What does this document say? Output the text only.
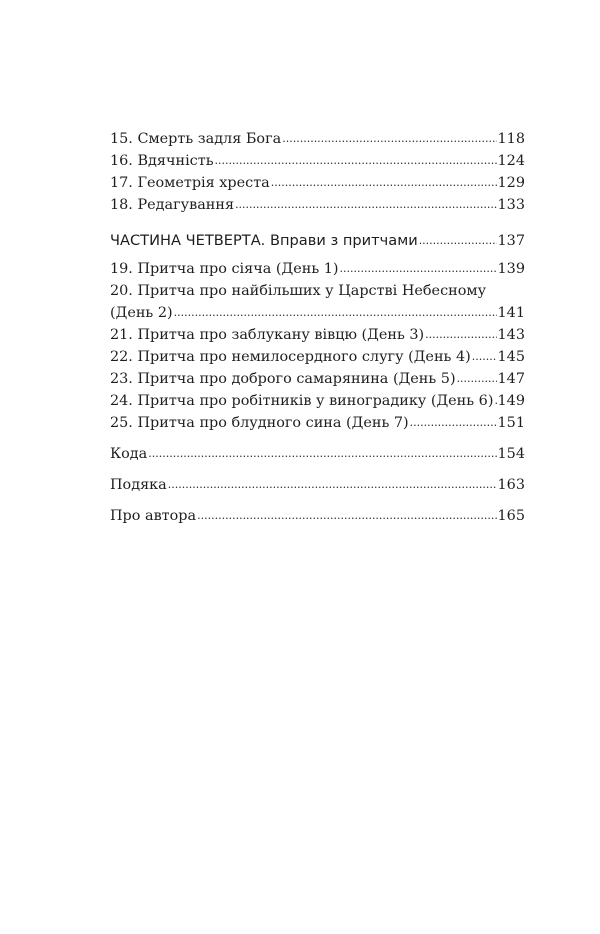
15. Смерть задля Бога .....	118
16. Вдячність .....	124
17. Геометрія хреста .....	129
18. Редагування .....	133
ЧАСТИНА ЧЕТВЕРТА. Вправи з притчами .....	137
19. Притча про сіяча (День 1) .....	139
20. Притча про найбільших у Царстві Небесному
(День 2) .....	141
21. Притча про заблукану вівцю (День 3) .....	143
22. Притча про немилосердного слугу (День 4) ..... 145
23. Притча про доброго самарянина (День 5) .....	147
24. Притча про робітників у виноградику (День 6) ..... 149
25. Притча про блудного сина (День 7) .....	151
Кода .....	154
Подяка .....	163
Про автора .....	165
